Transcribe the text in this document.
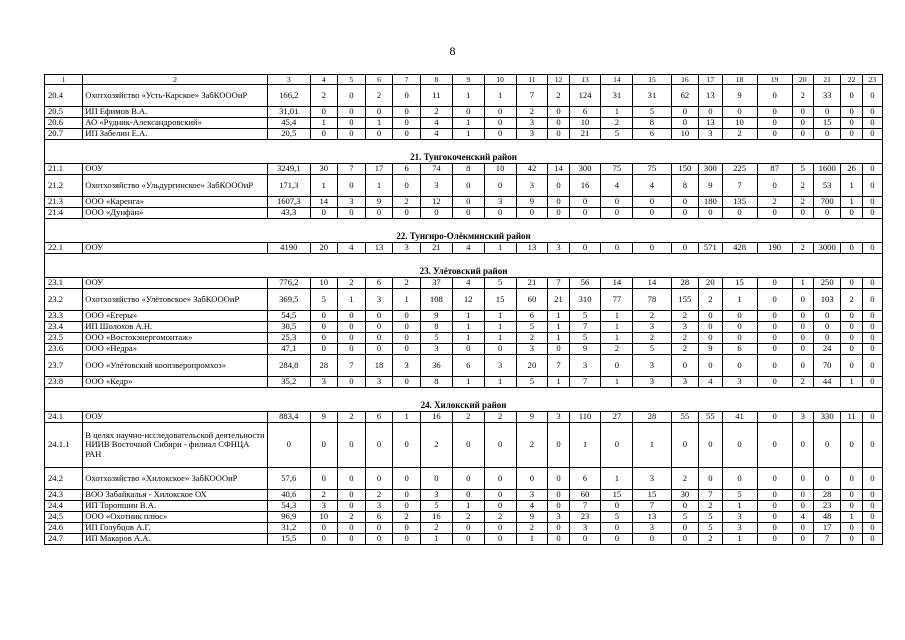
8
1	2	3	4	5	6	7	8	9	10	11	12	13	14	15	16	17	18	19	20	21	22	23
20.4	Охотхозяйство «Усть-Карское» ЗабКОООиР	166,2	2	0	2	0	11	1	1	7	2	124	31	31	62	13	9	0	2	33	0	0
20.5	ИП Ефимов В.А.	31,01	0	0	0	0	2	0	0	2	0	6	1	5	0	0	0	0	0	0	0	0
20.6	АО «Рудник-Александровский»	45,4	1	0	1	0	4	1	0	3	0	10	2	8	0	13	10	0	0	15	0	0
20.7	ИП Забелин Е.А.	20,5	0	0	0	0	4	1	0	3	0	21	5	6	10	3	2	0	0	0	0	0
21. Тунгокоченский район																						
21.1	ООУ	3249,1	30	7	17	6	74	8	10	42	14	300	75	75	150	300	225	87	5	1600	26	0
21.2	Охотхозяйство «Ульдургинское» ЗабКОООиР	171,3	1	0	1	0	3	0	0	3	0	16	4	4	8	9	7	0	2	53	1	0
21.3	ООО «Каренга»	1607,3	14	3	9	2	12	0	3	9	0	0	0	0	0	180	135	2	2	700	1	0
21.4	ООО «Дунфан»	43,3	0	0	0	0	0	0	0	0	0	0	0	0	0	0	0	0	0	0	0	0
22. Тунгиро-Олёкминский район																						
22.1	ООУ	4190	20	4	13	3	21	4	1	13	3	0	0	0	0	571	428	190	2	3000	0	0
23. Улётовский район																						
23.1	ООУ	776,2	10	2	6	2	37	4	5	21	7	56	14	14	28	20	15	0	1	250	0	0
23.2	Охотхозяйство «Улётовское» ЗабКОООиР	369,5	5	1	3	1	108	12	15	60	21	310	77	78	155	2	1	0	0	103	2	0
23.3	ООО «Егеры»	54,5	0	0	0	0	9	1	1	6	1	5	1	2	2	0	0	0	0	0	0	0
23.4	ИП Шолохов А.Н.	30,5	0	0	0	0	8	1	1	5	1	7	1	3	3	0	0	0	0	0	0	0
23.5	ООО «Востокэнергомонтаж»	25,3	0	0	0	0	5	1	1	2	1	5	1	2	2	0	0	0	0	0	0	0
23.6	ООО «Недра»	47,1	0	0	0	0	3	0	0	3	0	9	2	5	2	9	6	0	0	24	0	0
23.7	ООО «Улётовский коопзверопромхоз»	284,8	28	7	18	3	36	6	3	20	7	3	0	3	0	0	0	0	0	70	0	0
23.8	ООО «Кедр»	35,2	3	0	3	0	8	1	1	5	1	7	1	3	3	4	3	0	2	44	1	0
24. Хилокский район																						
24.1	ООУ	883,4	9	2	6	1	16	2	2	9	3	110	27	28	55	55	41	0	3	330	11	0
24.1.1	В целях научно-исследовательской деятельности НИИВ Восточной Сибири - филиал СФНЦА РАН	0	0	0	0	0	2	0	0	2	0	1	0	1	0	0	0	0	0	0	0	0
24.2	Охотхозяйство «Хилокское» ЗабКОООиР	57,6	0	0	0	0	0	0	0	0	0	6	1	3	2	0	0	0	0	0	0	0
24.3	ВОО Забайкалья - Хилокское ОХ	40,6	2	0	2	0	3	0	0	3	0	60	15	15	30	7	5	0	0	28	0	0
24.4	ИП Торопшин В.А.	54,3	3	0	3	0	5	1	0	4	0	7	0	7	0	2	1	0	0	23	0	0
24.5	ООО «Охотник плюс»	96,9	10	2	6	2	16	2	2	9	3	23	5	13	5	5	3	0	4	48	1	0
24.6	ИП Голубцов А.Г.	31,2	0	0	0	0	2	0	0	2	0	3	0	3	0	5	3	0	0	17	0	0
24.7	ИП Макаров А.А.	15,5	0	0	0	0	1	0	0	1	0	0	0	0	0	2	1	0	0	7	0	0
